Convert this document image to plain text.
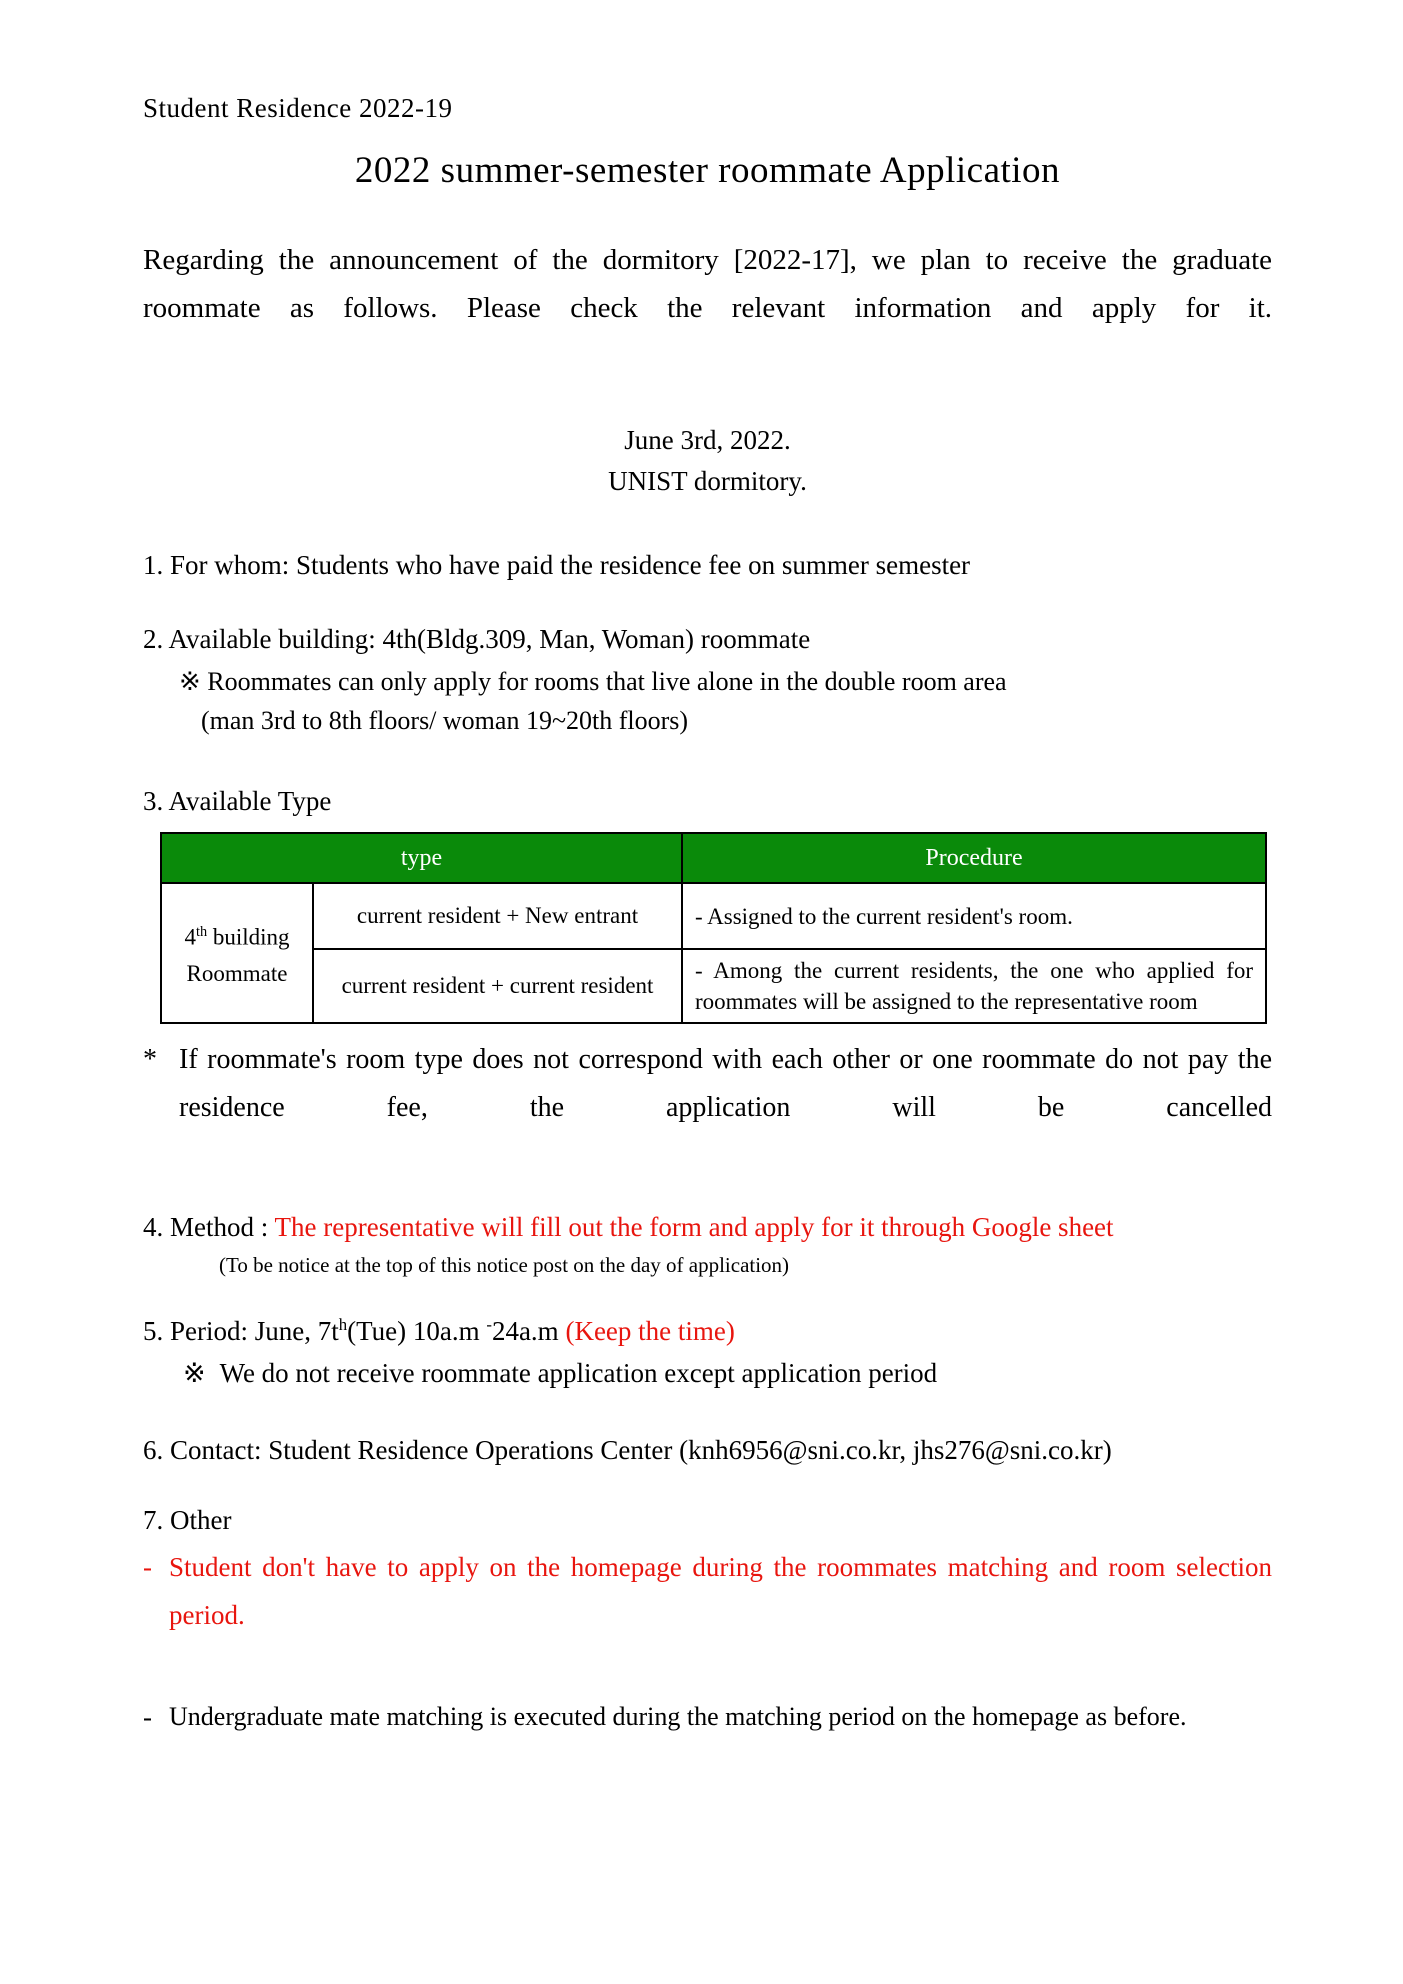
Student Residence 2022-19
2022 summer-semester roommate Application

Regarding the announcement of the dormitory [2022-17], we plan to receive the graduate roommate as follows. Please check the relevant information and apply for it.

June 3rd, 2022.
UNIST dormitory.
1. For whom: Students who have paid the residence fee on summer semester
2. Available building: 4th(Bldg.309, Man, Woman) roommate
※ Roommates can only apply for rooms that live alone in the double room area
(man 3rd to 8th floors/ woman 19~20th floors)
3. Available Type
type		Procedure

4th building
Roommate	current resident + New entrant	- Assigned to the current resident's room.
	current resident + current resident	- Among the current residents, the one who applied for roommates will be assigned to the representative room
* If roommate's room type does not correspond with each other or one roommate do not pay the residence fee, the application will be cancelled
4. Method : The representative will fill out the form and apply for it through Google sheet
(To be notice at the top of this notice post on the day of application)
5. Period: June, $7t^h(Tue)$ 10a.m -24a.m (Keep the time)
※ We do not receive roommate application except application period
6. Contact: Student Residence Operations Center (knh6956@sni.co.kr, jhs276@sni.co.kr)
7. Other
- Student don't have to apply on the homepage during the roommates matching and room selection period.
- Undergraduate mate matching is executed during the matching period on the homepage as before.
